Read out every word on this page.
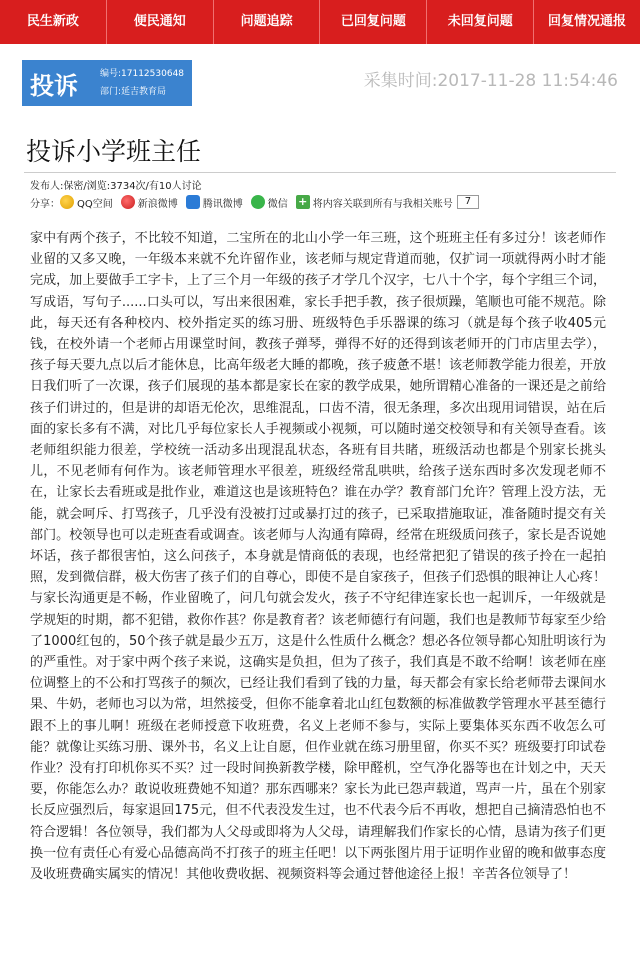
民生新政	便民通知	问题追踪	已回复问题	未回复问题	回复情况通报
投诉	编号:17112530648
部门:延吉教育局
采集时间:2017-11-28 11:54:46
投诉小学班主任
发布人:保密/浏览:3734次/有10人讨论
分享： QQ空间	新浪微博	腾讯微博	微信 + 将内容关联到所有与我相关账号	7
家中有两个孩子，不比较不知道，二宝所在的北山小学一年三班，这个班班主任有多过分！该老师作业留的又多又晚，一年级本来就不允许留作业，该老师与规定背道而驰，仅扩词一项就得两小时才能完成，加上要做手工字卡，上了三个月一年级的孩子才学几个汉字，七八十个字，每个字组三个词，写成语，写句子......口头可以，写出来很困难，家长手把手教，孩子很烦躁，笔顺也可能不规范。除此，每天还有各种校内、校外指定买的练习册、班级特色手乐器课的练习（就是每个孩子收405元钱，在校外请一个老师占用课堂时间，教孩子弹琴，弹得不好的还得到该老师开的门市店里去学），孩子每天要九点以后才能休息，比高年级老大睡的都晚，孩子疲惫不堪！该老师教学能力很差，开放日我们听了一次课，孩子们展现的基本都是家长在家的教学成果，她所谓精心准备的一课还是之前给孩子们讲过的，但是讲的却语无伦次，思维混乱，口齿不清，很无条理，多次出现用词错误，站在后面的家长多有不满，对比几乎每位家长人手视频或小视频，可以随时递交校领导和有关领导查看。该老师组织能力很差，学校统一活动多出现混乱状态，各班有目共睹，班级活动也都是个别家长挑头儿，不见老师有何作为。该老师管理水平很差，班级经常乱哄哄，给孩子送东西时多次发现老师不在，让家长去看班或是批作业，难道这也是该班特色？谁在办学？教育部门允许？管理上没方法，无能，就会呵斥、打骂孩子，几乎没有没被打过或暴打过的孩子，已采取措施取证，准备随时提交有关部门。校领导也可以走班查看或调查。该老师与人沟通有障碍，经常在班级质问孩子，家长是否说她坏话，孩子都很害怕，这么问孩子，本身就是情商低的表现，也经常把犯了错误的孩子拎在一起拍照，发到微信群，极大伤害了孩子们的自尊心，即使不是自家孩子，但孩子们恐惧的眼神让人心疼！与家长沟通更是不畅，作业留晚了，问几句就会发火，孩子不守纪律连家长也一起训斥，一年级就是学规矩的时期，都不犯错，救你作甚？你是教育者？该老师德行有问题，我们也是教师节每家至少给了1000红包的，50个孩子就是最少五万，这是什么性质什么概念？想必各位领导都心知肚明该行为的严重性。对于家中两个孩子来说，这确实是负担，但为了孩子，我们真是不敢不给啊！该老师在座位调整上的不公和打骂孩子的频次，已经让我们看到了钱的力量，每天都会有家长给老师带去课间水果、牛奶，老师也习以为常，坦然接受，但你不能拿着北山红包数额的标准做教学管理水平甚至德行跟不上的事儿啊！班级在老师授意下收班费，名义上老师不参与，实际上要集体买东西不收怎么可能？就像让买练习册、课外书，名义上让自愿，但作业就在练习册里留，你买不买？班级要打印试卷作业？没有打印机你买不买？过一段时间换新教学楼，除甲醛机，空气净化器等也在计划之中，天天要，你能怎么办？敢说收班费她不知道？那东西哪来？家长为此已怨声载道，骂声一片，虽在个别家长反应强烈后，每家退回175元，但不代表没发生过，也不代表今后不再收，想把自己摘清恐怕也不符合逻辑！各位领导，我们都为人父母或即将为人父母，请理解我们作家长的心情，恳请为孩子们更换一位有责任心有爱心品德高尚不打孩子的班主任吧！以下两张图片用于证明作业留的晚和做事态度及收班费确实属实的情况！其他收费收据、视频资料等会通过替他途径上报！辛苦各位领导了！
